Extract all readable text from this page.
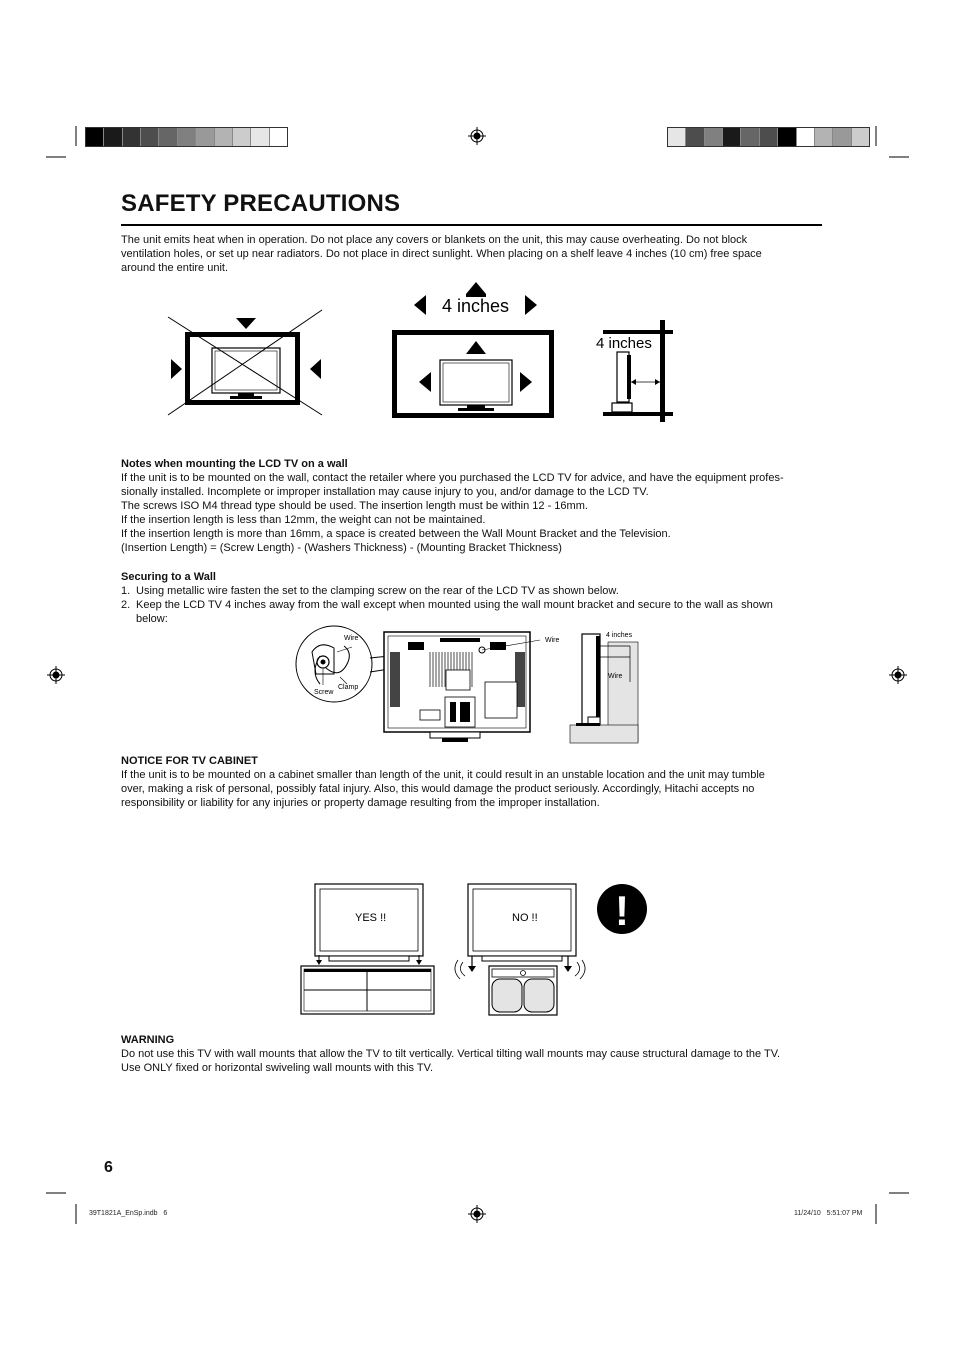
SAFETY PRECAUTIONS
The unit emits heat when in operation. Do not place any covers or blankets on the unit, this may cause overheating. Do not block
ventilation holes, or set up near radiators. Do not place in direct sunlight. When placing on a shelf leave 4 inches (10 cm) free space
around the entire unit.
4 inches
4 inches
Notes when mounting the LCD TV on a wall
If the unit is to be mounted on the wall, contact the retailer where you purchased the LCD TV for advice, and have the equipment profes-
sionally installed. Incomplete or improper installation may cause injury to you, and/or damage to the LCD TV.
The screws ISO M4 thread type should be used. The insertion length must be within 12 - 16mm.
If the insertion length is less than 12mm, the weight can not be maintained.
If the insertion length is more than 16mm, a space is created between the Wall Mount Bracket and the Television.
(Insertion Length) = (Screw Length) - (Washers Thickness) - (Mounting Bracket Thickness)
Securing to a Wall
1. Using metallic wire fasten the set to the clamping screw on the rear of the LCD TV as shown below.
2. Keep the LCD TV 4 inches away from the wall except when mounted using the wall mount bracket and secure to the wall as shown
below:
Wire
Clamp
Screw
Wire
4 inches
Wire
NOTICE FOR TV CABINET
If the unit is to be mounted on a cabinet smaller than length of the unit, it could result in an unstable location and the unit may tumble
over, making a risk of personal, possibly fatal injury. Also, this would damage the product seriously. Accordingly, Hitachi accepts no
responsibility or liability for any injuries or property damage resulting from the improper installation.
YES !!	NO !! !
WARNING
Do not use this TV with wall mounts that allow the TV to tilt vertically. Vertical tilting wall mounts may cause structural damage to the TV.
Use ONLY fixed or horizontal swiveling wall mounts with this TV.
6
39T1821A_EnSp.indb   6	11/24/10   5:51:07 PM
